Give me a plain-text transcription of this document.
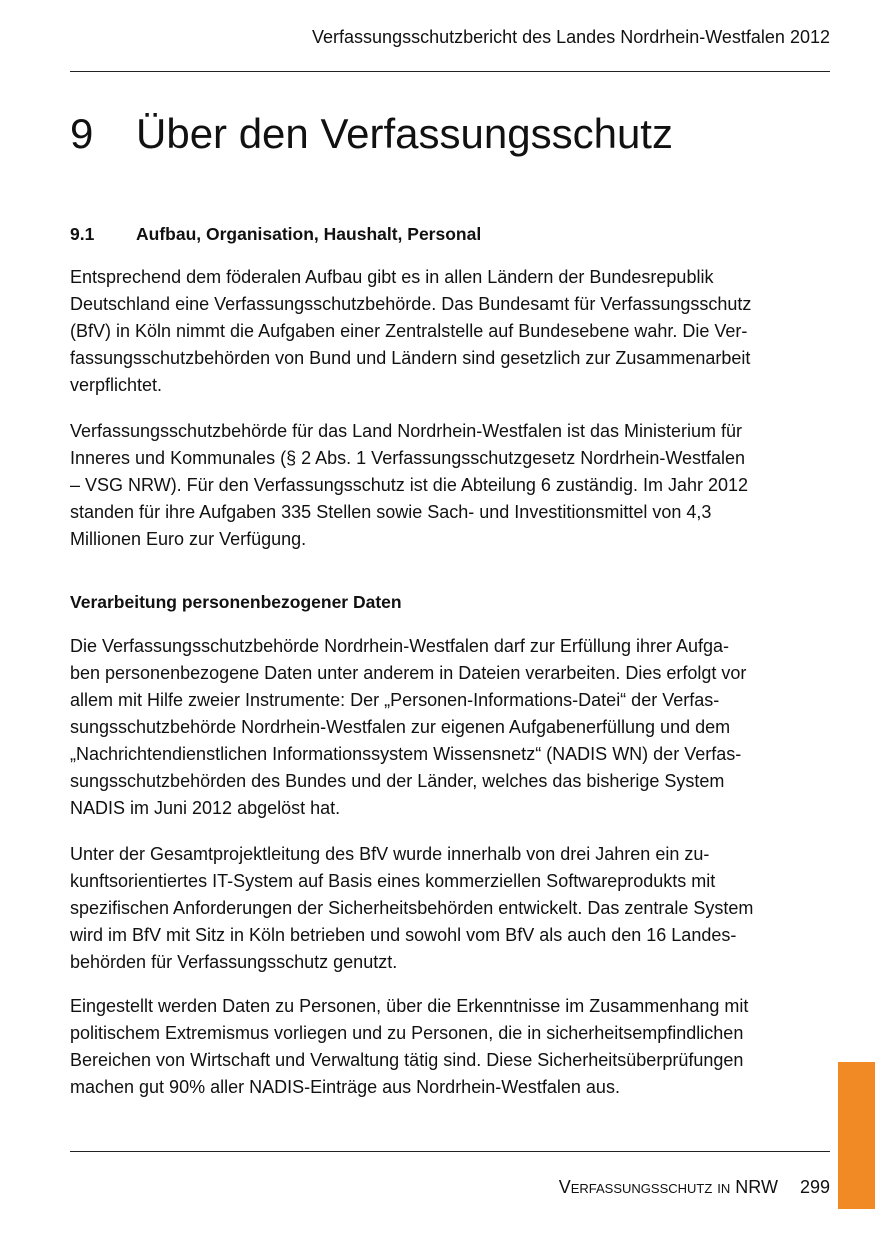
Verfassungsschutzbericht des Landes Nordrhein-Westfalen 2012
9 Über den Verfassungsschutz
9.1 Aufbau, Organisation, Haushalt, Personal

Entsprechend dem föderalen Aufbau gibt es in allen Ländern der Bundesrepublik
Deutschland eine Verfassungsschutzbehörde. Das Bundesamt für Verfassungsschutz
(BfV) in Köln nimmt die Aufgaben einer Zentralstelle auf Bundesebene wahr. Die Ver-
fassungsschutzbehörden von Bund und Ländern sind gesetzlich zur Zusammenarbeit
verpflichtet.

Verfassungsschutzbehörde für das Land Nordrhein-Westfalen ist das Ministerium für
Inneres und Kommunales (§ 2 Abs. 1 Verfassungsschutzgesetz Nordrhein-Westfalen
– VSG NRW). Für den Verfassungsschutz ist die Abteilung 6 zuständig. Im Jahr 2012
standen für ihre Aufgaben 335 Stellen sowie Sach- und Investitionsmittel von 4,3
Millionen Euro zur Verfügung.

Verarbeitung personenbezogener Daten

Die Verfassungsschutzbehörde Nordrhein-Westfalen darf zur Erfüllung ihrer Aufga-
ben personenbezogene Daten unter anderem in Dateien verarbeiten. Dies erfolgt vor
allem mit Hilfe zweier Instrumente: Der „Personen-Informations-Datei“ der Verfas-
sungsschutzbehörde Nordrhein-Westfalen zur eigenen Aufgabenerfüllung und dem
„Nachrichtendienstlichen Informationssystem Wissensnetz“ (NADIS WN) der Verfas-
sungsschutzbehörden des Bundes und der Länder, welches das bisherige System
NADIS im Juni 2012 abgelöst hat.

Unter der Gesamtprojektleitung des BfV wurde innerhalb von drei Jahren ein zu-
kunftsorientiertes IT-System auf Basis eines kommerziellen Softwareprodukts mit
spezifischen Anforderungen der Sicherheitsbehörden entwickelt. Das zentrale System
wird im BfV mit Sitz in Köln betrieben und sowohl vom BfV als auch den 16 Landes-
behörden für Verfassungsschutz genutzt.

Eingestellt werden Daten zu Personen, über die Erkenntnisse im Zusammenhang mit
politischem Extremismus vorliegen und zu Personen, die in sicherheitsempfindlichen
Bereichen von Wirtschaft und Verwaltung tätig sind. Diese Sicherheitsüberprüfungen
machen gut 90% aller NADIS-Einträge aus Nordrhein-Westfalen aus.

Verfassungsschutz in NRW 299
